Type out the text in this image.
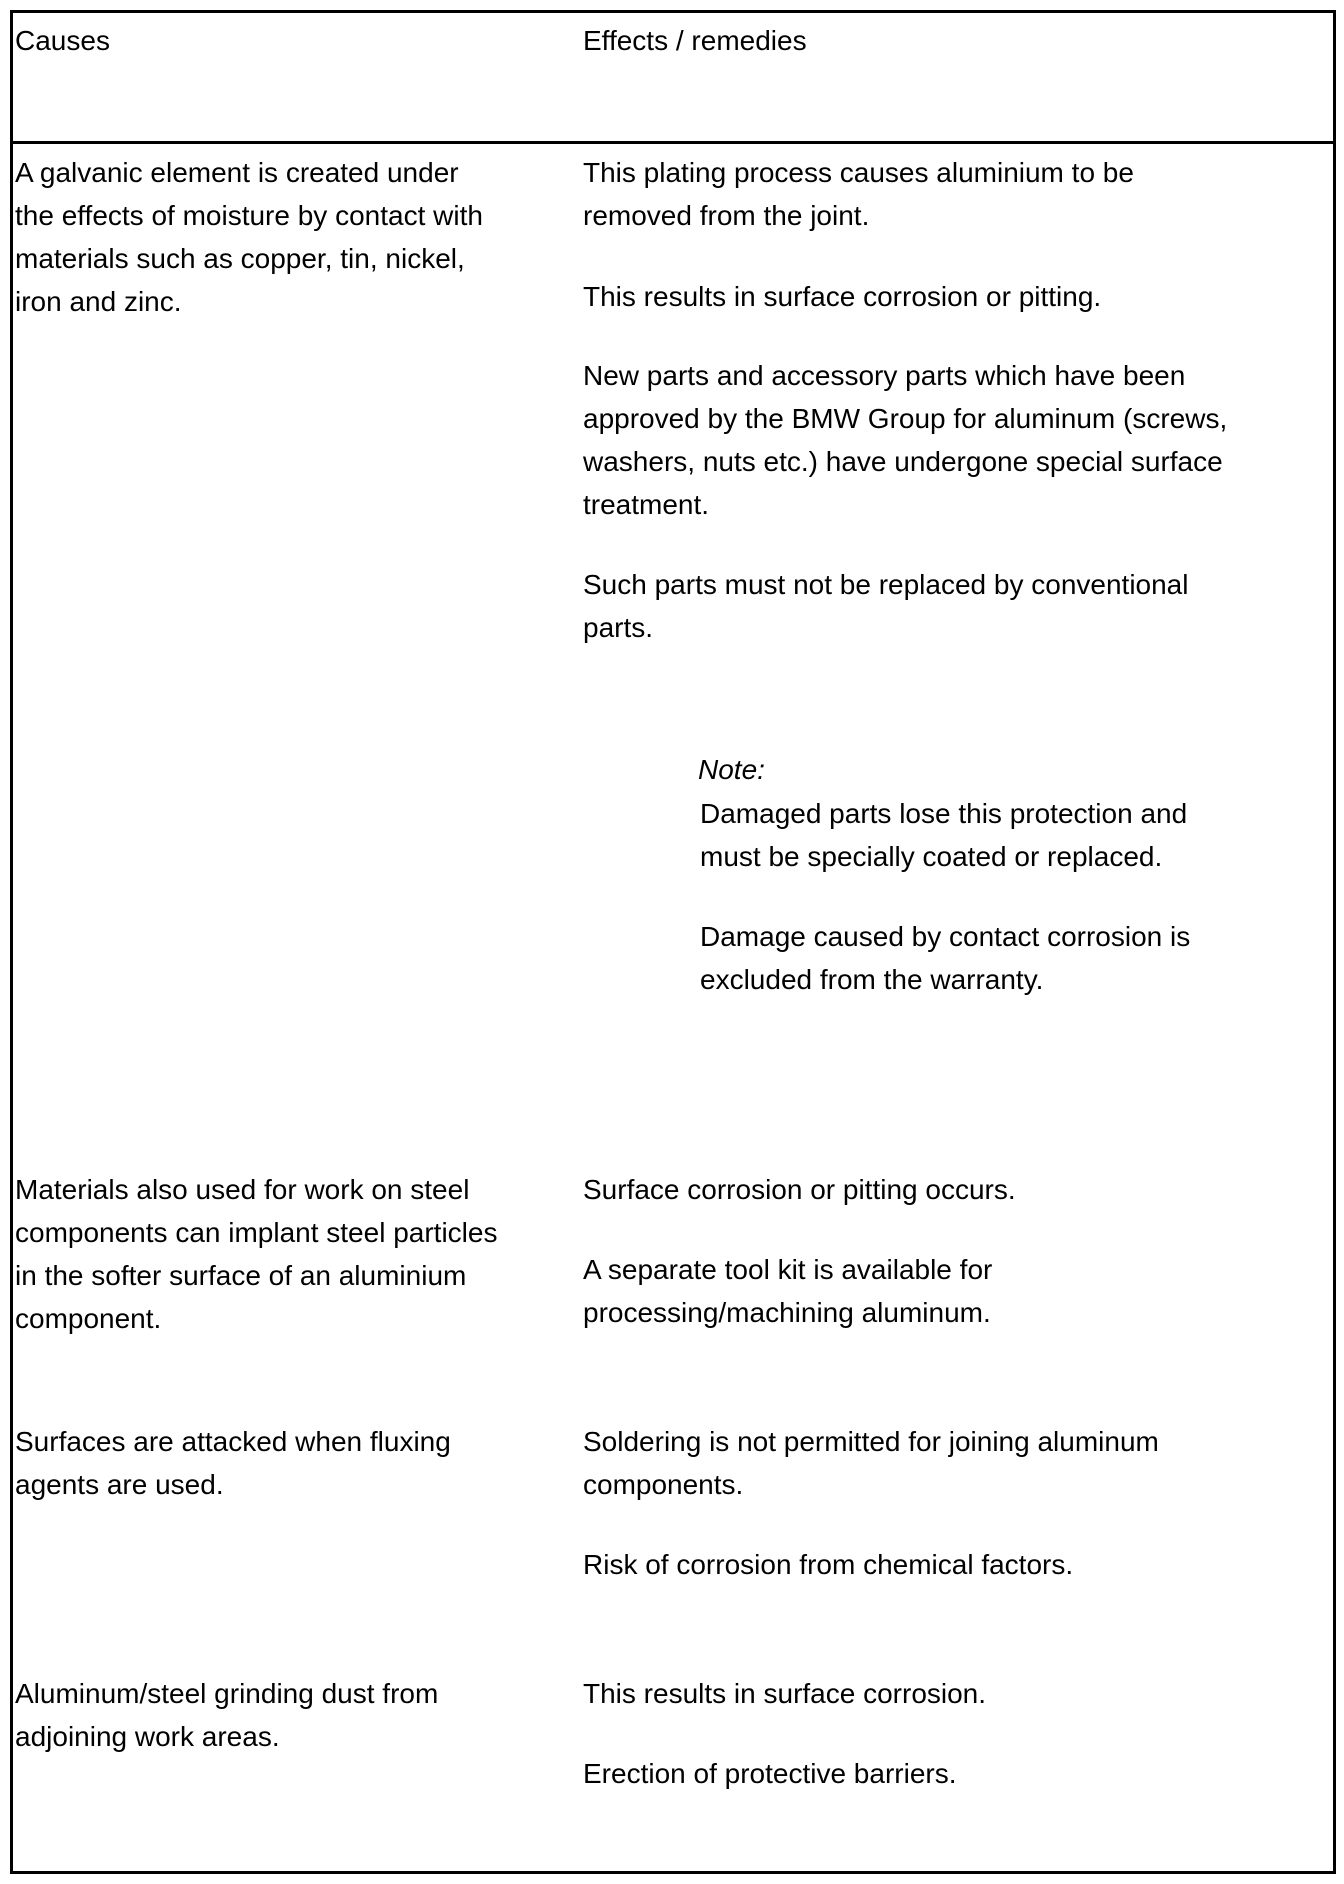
Causes	Effects / remedies
A galvanic element is created under
the effects of moisture by contact with
materials such as copper, tin, nickel,
iron and zinc.
This plating process causes aluminium to be
removed from the joint.
This results in surface corrosion or pitting.
New parts and accessory parts which have been
approved by the BMW Group for aluminum (screws,
washers, nuts etc.) have undergone special surface
treatment.
Such parts must not be replaced by conventional
parts.
Note:
Damaged parts lose this protection and
must be specially coated or replaced.
Damage caused by contact corrosion is
excluded from the warranty.
Materials also used for work on steel
components can implant steel particles
in the softer surface of an aluminium
component.
Surface corrosion or pitting occurs.
A separate tool kit is available for
processing/machining aluminum.
Surfaces are attacked when fluxing
agents are used.
Soldering is not permitted for joining aluminum
components.
Risk of corrosion from chemical factors.
Aluminum/steel grinding dust from
adjoining work areas.
This results in surface corrosion.
Erection of protective barriers.
